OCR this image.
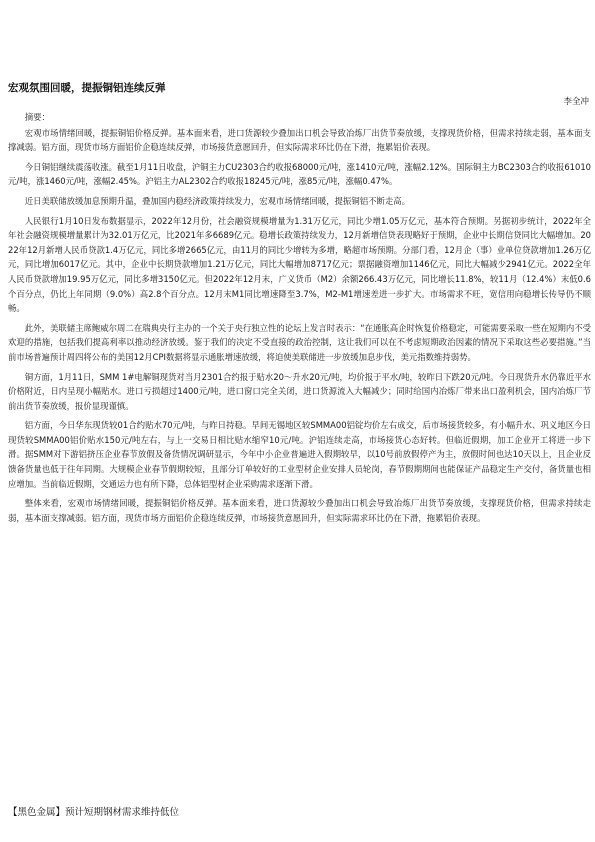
宏观氛围回暖，提振铜铝连续反弹
李全冲

摘要：

宏观市场情绪回暖，提振铜铝价格反弹。基本面来看，进口货源较少叠加出口机会导致冶炼厂出货节奏放缓，支撑现货价格，但需求持续走弱，基本面支撑减弱。铝方面，现货市场方面铝价企稳连续反弹，市场接货意愿回升，但实际需求环比仍在下滑，拖累铝价表现。

今日铜铝继续震荡收涨。截至1月11日收盘，沪铜主力CU2303合约收报68000元/吨，涨1410元/吨，涨幅2.12%。国际铜主力BC2303合约收报61010元/吨，涨1460元/吨，涨幅2.45%。沪铝主力AL2302合约收报18245元/吨，涨85元/吨，涨幅0.47%。

近日美联储放缓加息预期升温，叠加国内稳经济政策持续发力，宏观市场情绪回暖，提振铜铝不断走高。

人民银行1月10日发布数据显示，2022年12月份，社会融资规模增量为1.31万亿元，同比少增1.05万亿元，基本符合预期。另据初步统计，2022年全年社会融资规模增量累计为32.01万亿元，比2021年多6689亿元。稳增长政策持续发力，12月新增信贷表现略好于预期，企业中长期信贷同比大幅增加。2022年12月新增人民币贷款1.4万亿元，同比多增2665亿元，由11月的同比少增转为多增，略超市场预期。分部门看，12月企（事）业单位贷款增加1.26万亿元，同比增加6017亿元。其中，企业中长期贷款增加1.21万亿元，同比大幅增加8717亿元；票据融资增加1146亿元，同比大幅减少2941亿元。2022全年人民币贷款增加19.95万亿元，同比多增3150亿元。但2022年12月末，广义货币（M2）余额266.43万亿元，同比增长11.8%，较11月（12.4%）末低0.6个百分点，仍比上年同期（9.0%）高2.8个百分点。12月末M1同比增速降至3.7%，M2-M1增速差进一步扩大。市场需求不旺，宽信用向稳增长传导仍不顺畅。

此外，美联储主席鲍威尔周二在瑞典央行主办的一个关于央行独立性的论坛上发言时表示：“在通胀高企时恢复价格稳定，可能需要采取一些在短期内不受欢迎的措施，包括我们提高利率以推动经济放缓。鉴于我们的决定不受直接的政治控制，这让我们可以在不考虑短期政治因素的情况下采取这些必要措施。”当前市场普遍预计周四将公布的美国12月CPI数据将显示通胀增速放缓，将迫使美联储进一步放缓加息步伐，美元指数维持弱势。

铜方面，1月11日，SMM 1#电解铜现货对当月2301合约报于贴水20～升水20元/吨，均价报于平水/吨，较昨日下跌20元/吨。今日现货升水仍靠近平水价格附近，日内呈现小幅贴水。进口亏损超过1400元/吨，进口窗口完全关闭，进口货源流入大幅减少；同时给国内冶炼厂带来出口盈利机会，国内冶炼厂节前出货节奏放缓，报价显现谨慎。

铝方面，今日华东现货较01合约贴水70元/吨，与昨日持稳。早间无锡地区较SMMA00铝锭均价左右成交，后市场接货较多，有小幅升水、巩义地区今日现货较SMMA00铝价贴水150元/吨左右，与上一交易日相比贴水缩窄10元/吨。沪铝连续走高，市场接货心态好转。但临近假期，加工企业开工将进一步下滑。据SMM对下游铝挤压企业春节放假及备货情况调研显示，今年中小企业普遍进入假期较早，以10号前放假停产为主，放假时间也达10天以上，且企业反馈备货量也低于往年同期。大规模企业春节假期较短，且部分订单较好的工业型材企业安排人员轮岗，春节假期期间也能保证产品稳定生产交付，备货量也相应增加。当前临近假期，交通运力也有所下降，总体铝型材企业采购需求逐渐下滑。

整体来看，宏观市场情绪回暖，提振铜铝价格反弹。基本面来看，进口货源较少叠加出口机会导致冶炼厂出货节奏放缓，支撑现货价格，但需求持续走弱，基本面支撑减弱。铝方面，现货市场方面铝价企稳连续反弹，市场接货意愿回升，但实际需求环比仍在下滑，拖累铝价表现。

【黑色金属】预计短期钢材需求维持低位
